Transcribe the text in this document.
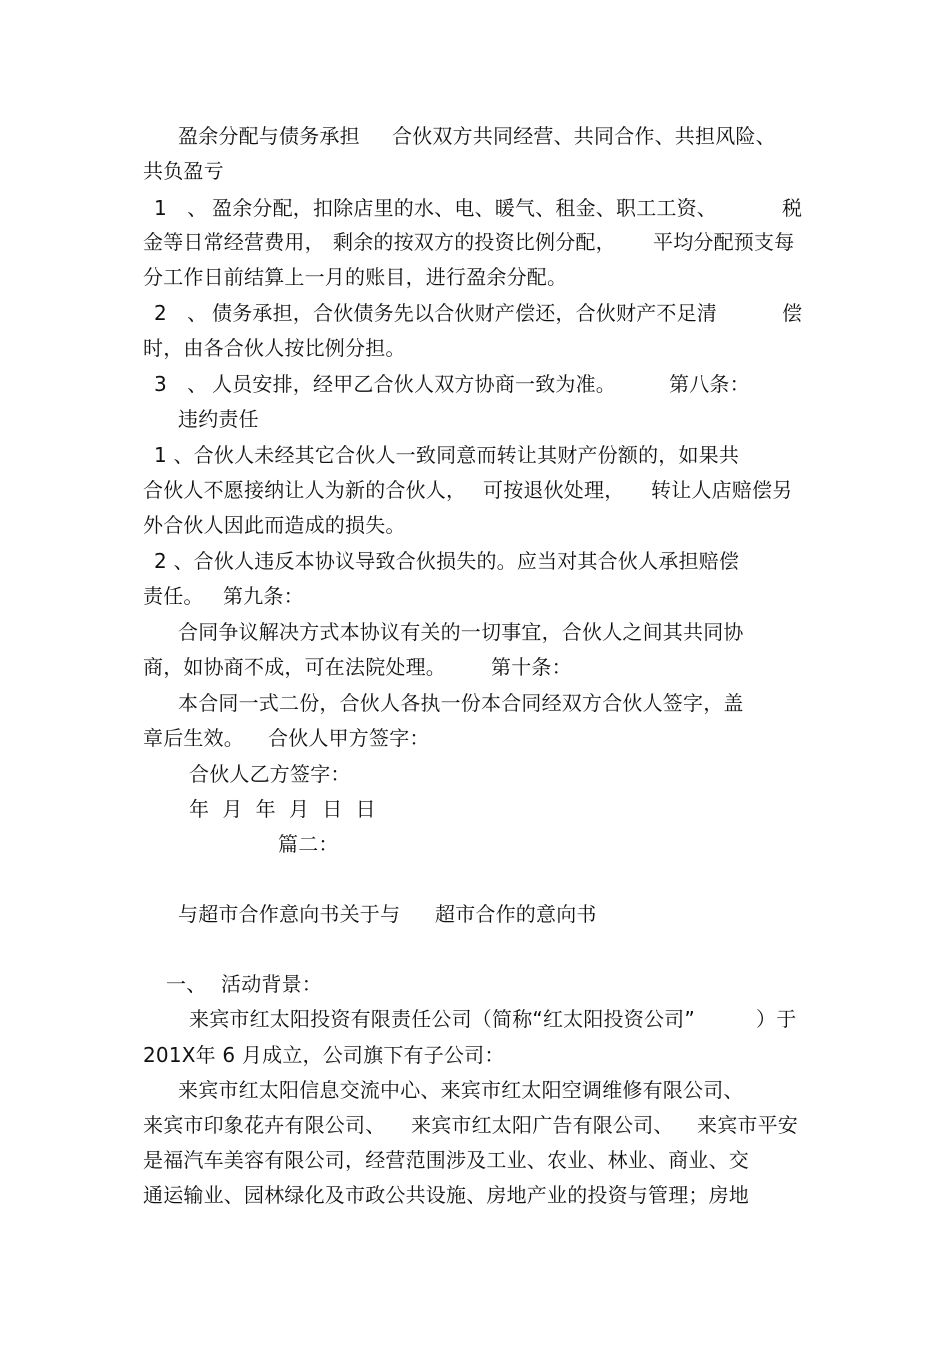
盈余分配与债务承担 合伙双方共同经营、共同合作、共担风险、
共负盈亏
1 、
盈余分配，扣除店里的水、电、暖气、租金、职工工资、	税
金等日常经营费用， 剩余的按双方的投资比例分配， 平均分配预支每
分工作日前结算上一月的账目，进行盈余分配。
2 、
债务承担，合伙债务先以合伙财产偿还，合伙财产不足清	偿
时，由各合伙人按比例分担。
3 、
人员安排，经甲乙合伙人双方协商一致为准。	第八条：
违约责任
1 、合伙人未经其它合伙人一致同意而转让其财产份额的，如果共
合伙人不愿接纳让人为新的合伙人， 可按退伙处理， 转让人店赔偿另
外合伙人因此而造成的损失。
2 、合伙人违反本协议导致合伙损失的。应当对其合伙人承担赔偿
责任。 第九条：
合同争议解决方式本协议有关的一切事宜，合伙人之间其共同协
商，如协商不成，可在法院处理。 第十条：
本合同一式二份，合伙人各执一份本合同经双方合伙人签字，盖
章后生效。 合伙人甲方签字：
合伙人乙方签字：
年  月  年  月  日  日
篇二：
与超市合作意向书关于与 超市合作的意向书
一、 活动背景：
来宾市红太阳投资有限责任公司（简称“红太阳投资公司”	）于
201X年 6 月成立，公司旗下有子公司：
来宾市红太阳信息交流中心、来宾市红太阳空调维修有限公司、
来宾市印象花卉有限公司、 来宾市红太阳广告有限公司、 来宾市平安
是福汽车美容有限公司，经营范围涉及工业、农业、林业、商业、交
通运输业、园林绿化及市政公共设施、房地产业的投资与管理；房地
